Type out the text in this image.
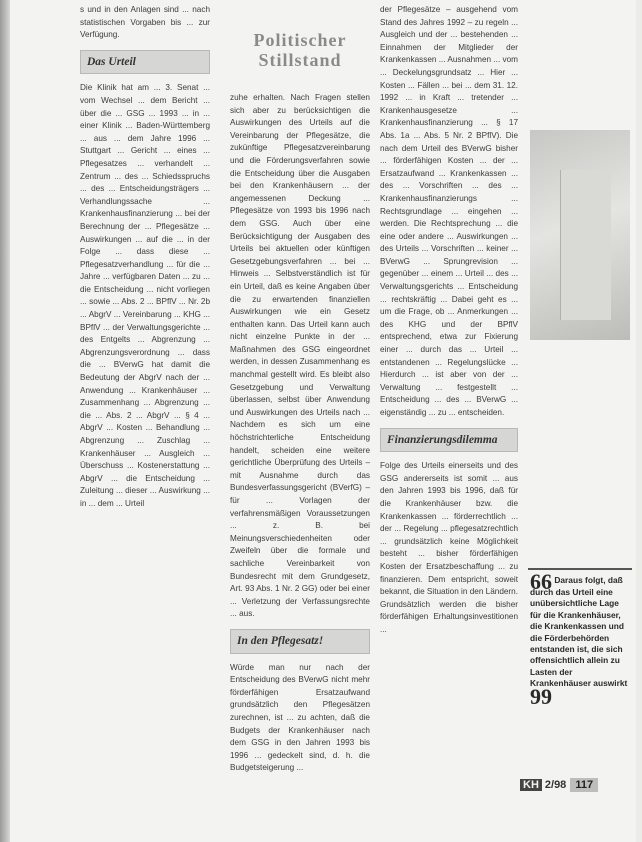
Politischer Stillstand

s und in den Anlagen sind ... nach statistischen Vorgaben bis ... zur Verfügung.

Das Urteil

Die Klinik hat am ... 3. Senat ... vom Wechsel ... dem Bericht ... über die ... GSG ... 1993 ... in ... einer Klinik ... Baden-Württemberg ... aus ... dem Jahre 1996 ... Stuttgart ... Gericht ... eines ... Pflegesatzes ... verhandelt ... Zentrum ... des ... Schiedsspruchs ... des ... Entscheidungsträgers ... Verhandlungssache ... Krankenhausfinanzierung ... bei der Berechnung der ... Pflegesätze ... Auswirkungen ... auf die ... in der Folge ... dass diese ... Pflegesatzverhandlung ... für die ... Jahre ... verfügbaren Daten ... zu ... die Entscheidung ... nicht vorliegen ... sowie ... Abs. 2 ... BPflV ... Nr. 2b ... AbgrV ... Vereinbarung ... KHG ... BPflV ... der Verwaltungsgerichte ... des Entgelts ... Abgrenzung ... Abgrenzungsverordnung ... dass die ... BVerwG hat damit die Bedeutung der AbgrV nach der ... Anwendung ... Krankenhäuser ... Zusammenhang ... Abgrenzung ... die ... Abs. 2 ... AbgrV ... § 4 ... AbgrV ... Kosten ... Behandlung ... Abgrenzung ... Zuschlag ... Krankenhäuser ... Ausgleich ... Überschuss ... Kostenerstattung ... AbgrV ... die Entscheidung ... Zuleitung ... dieser ... Auswirkung ... in ... dem ... Urteil

zuhe erhalten. Nach Fragen stellen sich aber zu berücksichtigen die Auswirkungen des Urteils auf die Vereinbarung der Pflegesätze, die zukünftige Pflegesatzvereinbarung und die Förderungsverfahren sowie die Entscheidung über die Ausgaben bei den Krankenhäusern ... der angemessenen Deckung ... Pflegesätze von 1993 bis 1996 nach dem GSG. Auch über eine Berücksichtigung der Ausgaben des Urteils bei aktuellen oder künftigen Gesetzgebungsverfahren ... bei ... Hinweis ... Selbstverständlich ist für ein Urteil, daß es keine Angaben über die zu erwartenden finanziellen Auswirkungen wie ein Gesetz enthalten kann. Das Urteil kann auch nicht einzelne Punkte in der ... Maßnahmen des GSG eingeordnet werden, in dessen Zusammenhang es manchmal gestellt wird. Es bleibt also Gesetzgebung und Verwaltung überlassen, selbst über Anwendung und Auswirkungen des Urteils nach ... Nachdem es sich um eine höchstrichterliche Entscheidung handelt, scheiden eine weitere gerichtliche Überprüfung des Urteils – mit Ausnahme durch das Bundesverfassungsgericht (BVerfG) – für ... Vorlagen der verfahrensmäßigen Voraussetzungen ... z. B. bei Meinungsverschiedenheiten oder Zweifeln über die formale und sachliche Vereinbarkeit von Bundesrecht mit dem Grundgesetz, Art. 93 Abs. 1 Nr. 2 GG) oder bei einer ... Verletzung der Verfassungsrechte ... aus.

In den Pflegesatz!

Würde man nur nach der Entscheidung des BVerwG nicht mehr förderfähigen Ersatzaufwand grundsätzlich den Pflegesätzen zurechnen, ist ... zu achten, daß die Budgets der Krankenhäuser nach dem GSG in den Jahren 1993 bis 1996 ... gedeckelt sind, d. h. die Budgetsteigerung ...

der Pflegesätze – ausgehend vom Stand des Jahres 1992 – zu regeln ... Ausgleich und der ... bestehenden ... Einnahmen der Mitglieder der Krankenkassen ... Ausnahmen ... vom ... Deckelungsgrundsatz ... Hier ... Kosten ... Fällen ... bei ... dem 31. 12. 1992 ... in Kraft ... tretender ... Krankenhausgesetze ... Krankenhausfinanzierung ... § 17 Abs. 1a ... Abs. 5 Nr. 2 BPflV). Die nach dem Urteil des BVerwG bisher ... förderfähigen Kosten ... der ... Ersatzaufwand ... Krankenkassen ... des ... Vorschriften ... des ... Krankenhausfinanzierungs ... Rechtsgrundlage ... eingehen ... werden. Die Rechtsprechung ... die eine oder andere ... Auswirkungen ... des Urteils ... Vorschriften ... keiner ... BVerwG ... Sprungrevision ... gegenüber ... einem ... Urteil ... des ... Verwaltungsgerichts ... Entscheidung ... rechtskräftig ... Dabei geht es ... um die Frage, ob ... Anmerkungen ... des KHG und der BPflV entsprechend, etwa zur Fixierung einer ... durch das ... Urteil ... entstandenen ... Regelungslücke ... Hierdurch ... ist aber von der ... Verwaltung ... festgestellt ... Entscheidung ... des ... BVerwG ... eigenständig ... zu ... entscheiden.

Finanzierungsdilemma

Folge des Urteils einerseits und des GSG andererseits ist somit ... aus den Jahren 1993 bis 1996, daß für die Krankenhäuser bzw. die Krankenkassen ... förderrechtlich ... der ... Regelung ... pflegesatzrechtlich ... grundsätzlich keine Möglichkeit besteht ... bisher förderfähigen Kosten der Ersatzbeschaffung ... zu finanzieren. Dem entspricht, soweit bekannt, die Situation in den Ländern. Grundsätzlich werden die bisher förderfähigen Erhaltungsinvestitionen ...

66 Daraus folgt, daß durch das Urteil eine unübersichtliche Lage für die Krankenhäuser, die Krankenkassen und die Förderbehörden entstanden ist, die sich offensichtlich allein zu Lasten der Krankenhäuser auswirkt 99
KH 2/98 117
